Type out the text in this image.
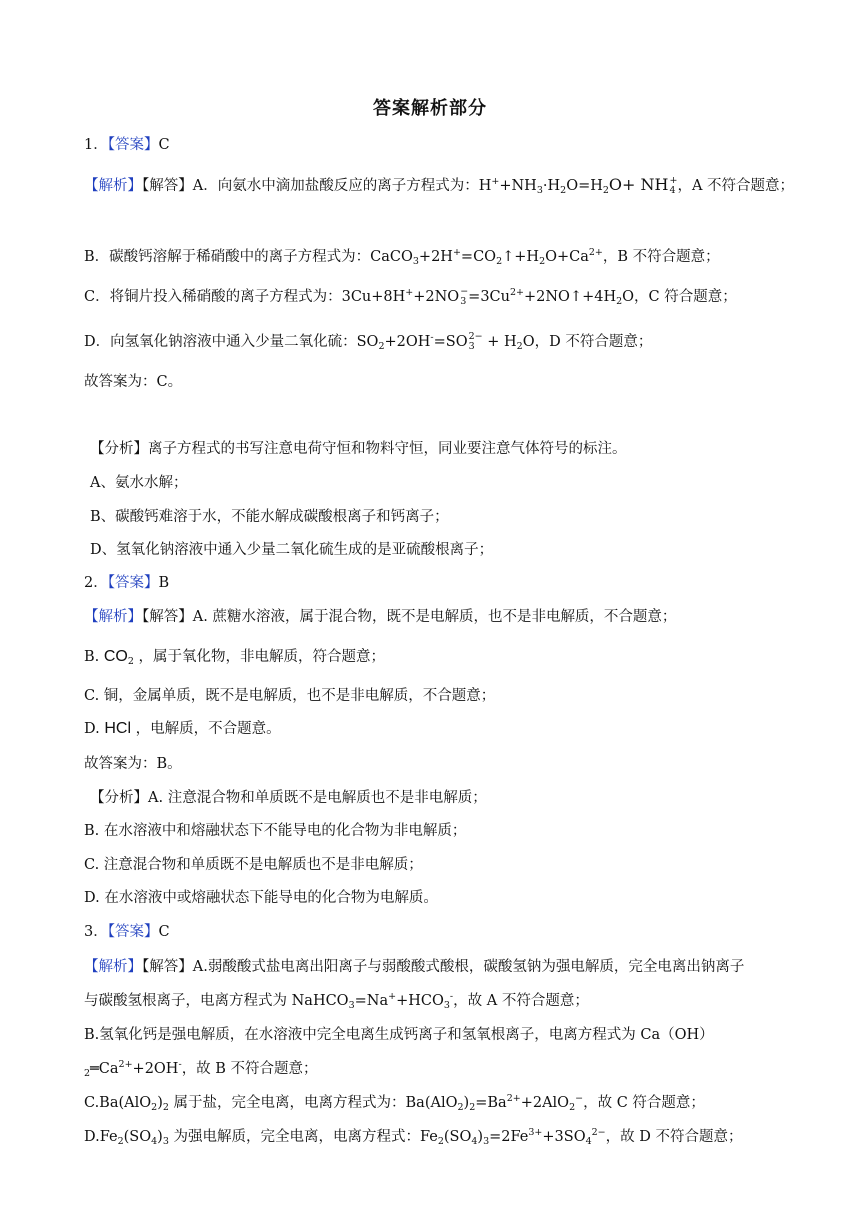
答案解析部分
1．【答案】C
【解析】【解答】A．向氨水中滴加盐酸反应的离子方程式为：$H^++NH_3\cdot H_2O=H_2O+$ NH +
4 ，A 不符合题意；
B．碳酸钙溶解于稀硝酸中的离子方程式为：$CaCO_3+2H^+=CO_2↑+H_2O+Ca^{2+}$，B 不符合题意；
C．将铜片投入稀硝酸的离子方程式为：3Cu+8H++2NO −
$3 =3Cu^{2+}+2NO↑+4H_2O$，C 符合题意；
D．向氢氧化钠溶液中通入少量二氧化硫：$SO_2+2OH^-=SO$ 2−
$3 + H_2O$，D 不符合题意；
故答案为：C。
【分析】离子方程式的书写注意电荷守恒和物料守恒，同业要注意气体符号的标注。
A、氨水水解；
B、碳酸钙难溶于水，不能水解成碳酸根离子和钙离子；
D、氢氧化钠溶液中通入少量二氧化硫生成的是亚硫酸根离子；
2．【答案】B
【解析】【解答】A. 蔗糖水溶液，属于混合物，既不是电解质，也不是非电解质，不合题意；
B. $CO_2$ ，属于氧化物，非电解质，符合题意；
C. 铜，金属单质，既不是电解质，也不是非电解质，不合题意；
D. HCl ，电解质，不合题意。
故答案为：B。
【分析】A. 注意混合物和单质既不是电解质也不是非电解质；
B. 在水溶液中和熔融状态下不能导电的化合物为非电解质；
C. 注意混合物和单质既不是电解质也不是非电解质；
D. 在水溶液中或熔融状态下能导电的化合物为电解质。
3．【答案】C
【解析】【解答】A.弱酸酸式盐电离出阳离子与弱酸酸式酸根，碳酸氢钠为强电解质，完全电离出钠离子
与碳酸氢根离子，电离方程式为 $NaHCO_3=Na^++HCO_3^-$，故 A 不符合题意；
B.氢氧化钙是强电解质，在水溶液中完全电离生成钙离子和氢氧根离子，电离方程式为 Ca（OH）
$_2═Ca^{2+}+2OH^-$，故 B 不符合题意；
$C.Ba(AlO_2)_2$ 属于盐，完全电离，电离方程式为：$Ba(AlO_2)_2=Ba^{2+}+2AlO_2^-$，故 C 符合题意；
$D.Fe_2(SO_4)_3$ 为强电解质，完全电离，电离方程式：$Fe_2(SO_4)_3=2Fe^{3+}+3SO_4^{2-}$，故 D 不符合题意；
